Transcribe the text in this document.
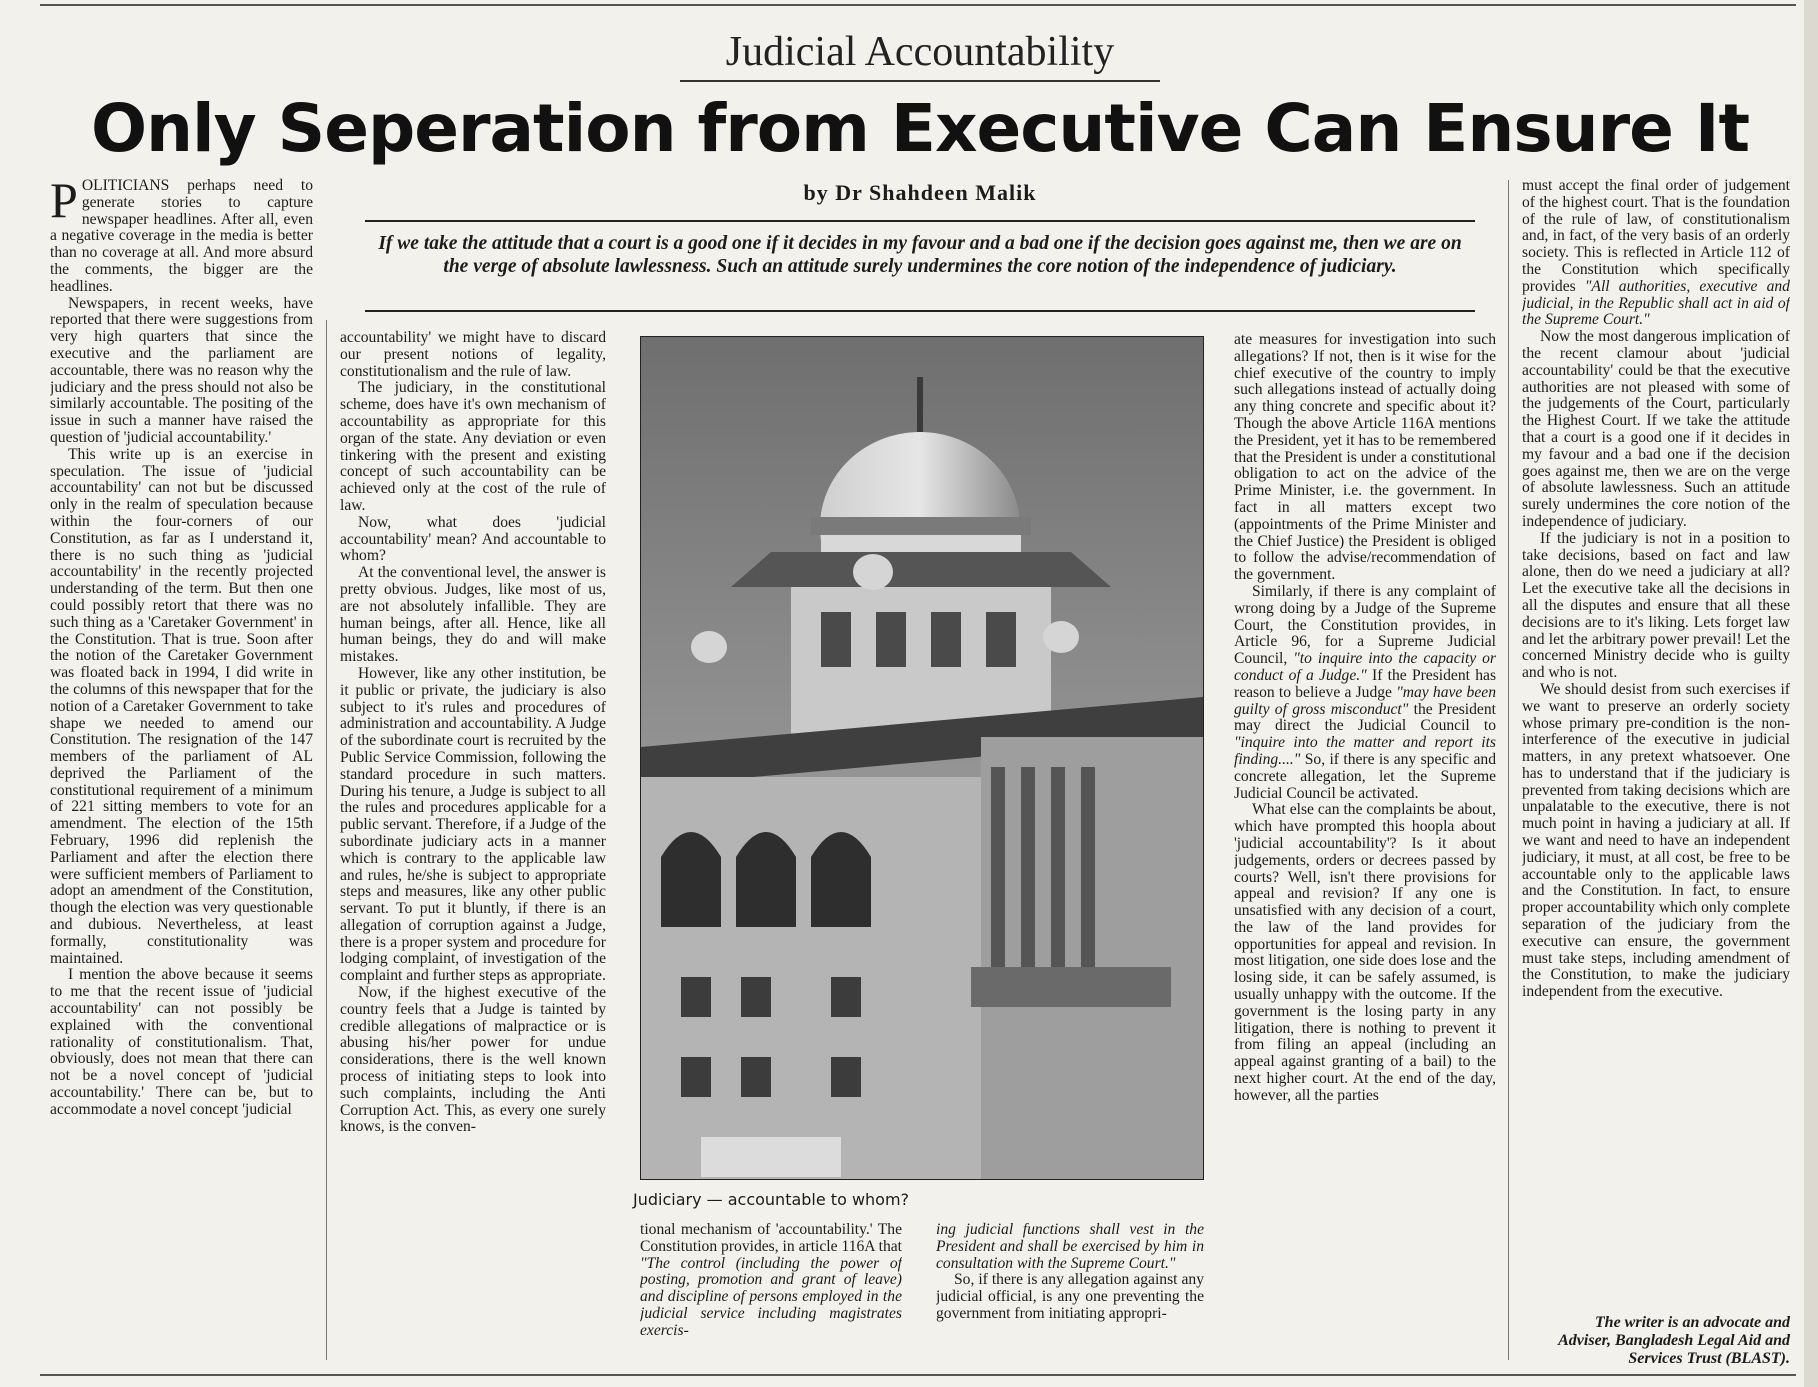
Judicial Accountability
Only Seperation from Executive Can Ensure It
by Dr Shahdeen Malik
If we take the attitude that a court is a good one if it decides in my favour and a bad one if the decision goes against me, then we are on the verge of absolute lawlessness. Such an attitude surely undermines the core notion of the independence of judiciary.

POLITICIANS perhaps need to generate stories to capture newspaper headlines. After all, even a negative coverage in the media is better than no coverage at all. And more absurd the comments, the bigger are the headlines.

Newspapers, in recent weeks, have reported that there were suggestions from very high quarters that since the executive and the parliament are accountable, there was no reason why the judiciary and the press should not also be similarly accountable. The positing of the issue in such a manner have raised the question of 'judicial accountability.'

This write up is an exercise in speculation. The issue of 'judicial accountability' can not but be discussed only in the realm of speculation because within the four-corners of our Constitution, as far as I understand it, there is no such thing as 'judicial accountability' in the recently projected understanding of the term. But then one could possibly retort that there was no such thing as a 'Caretaker Government' in the Constitution. That is true. Soon after the notion of the Caretaker Government was floated back in 1994, I did write in the columns of this newspaper that for the notion of a Caretaker Government to take shape we needed to amend our Constitution. The resignation of the 147 members of the parliament of AL deprived the Parliament of the constitutional requirement of a minimum of 221 sitting members to vote for an amendment. The election of the 15th February, 1996 did replenish the Parliament and after the election there were sufficient members of Parliament to adopt an amendment of the Constitution, though the election was very questionable and dubious. Nevertheless, at least formally, constitutionality was maintained.

I mention the above because it seems to me that the recent issue of 'judicial accountability' can not possibly be explained with the conventional rationality of constitutionalism. That, obviously, does not mean that there can not be a novel concept of 'judicial accountability.' There can be, but to accommodate a novel concept 'judicial

accountability' we might have to discard our present notions of legality, constitutionalism and the rule of law.

The judiciary, in the constitutional scheme, does have it's own mechanism of accountability as appropriate for this organ of the state. Any deviation or even tinkering with the present and existing concept of such accountability can be achieved only at the cost of the rule of law.

Now, what does 'judicial accountability' mean? And accountable to whom?

At the conventional level, the answer is pretty obvious. Judges, like most of us, are not absolutely infallible. They are human beings, after all. Hence, like all human beings, they do and will make mistakes.

However, like any other institution, be it public or private, the judiciary is also subject to it's rules and procedures of administration and accountability. A Judge of the subordinate court is recruited by the Public Service Commission, following the standard procedure in such matters. During his tenure, a Judge is subject to all the rules and procedures applicable for a public servant. Therefore, if a Judge of the subordinate judiciary acts in a manner which is contrary to the applicable law and rules, he/she is subject to appropriate steps and measures, like any other public servant. To put it bluntly, if there is an allegation of corruption against a Judge, there is a proper system and procedure for lodging complaint, of investigation of the complaint and further steps as appropriate.

Now, if the highest executive of the country feels that a Judge is tainted by credible allegations of malpractice or is abusing his/her power for undue considerations, there is the well known process of initiating steps to look into such complaints, including the Anti Corruption Act. This, as every one surely knows, is the conven-

Judiciary — accountable to whom?

tional mechanism of 'accountability.' The Constitution provides, in article 116A that "The control (including the power of posting, promotion and grant of leave) and discipline of persons employed in the judicial service including magistrates exercis-

ing judicial functions shall vest in the President and shall be exercised by him in consultation with the Supreme Court."

So, if there is any allegation against any judicial official, is any one preventing the government from initiating appropri-

ate measures for investigation into such allegations? If not, then is it wise for the chief executive of the country to imply such allegations instead of actually doing any thing concrete and specific about it? Though the above Article 116A mentions the President, yet it has to be remembered that the President is under a constitutional obligation to act on the advice of the Prime Minister, i.e. the government. In fact in all matters except two (appointments of the Prime Minister and the Chief Justice) the President is obliged to follow the advise/recommendation of the government.

Similarly, if there is any complaint of wrong doing by a Judge of the Supreme Court, the Constitution provides, in Article 96, for a Supreme Judicial Council, "to inquire into the capacity or conduct of a Judge." If the President has reason to believe a Judge "may have been guilty of gross misconduct" the President may direct the Judicial Council to "inquire into the matter and report its finding...." So, if there is any specific and concrete allegation, let the Supreme Judicial Council be activated.

What else can the complaints be about, which have prompted this hoopla about 'judicial accountability'? Is it about judgements, orders or decrees passed by courts? Well, isn't there provisions for appeal and revision? If any one is unsatisfied with any decision of a court, the law of the land provides for opportunities for appeal and revision. In most litigation, one side does lose and the losing side, it can be safely assumed, is usually unhappy with the outcome. If the government is the losing party in any litigation, there is nothing to prevent it from filing an appeal (including an appeal against granting of a bail) to the next higher court. At the end of the day, however, all the parties

must accept the final order of judgement of the highest court. That is the foundation of the rule of law, of constitutionalism and, in fact, of the very basis of an orderly society. This is reflected in Article 112 of the Constitution which specifically provides "All authorities, executive and judicial, in the Republic shall act in aid of the Supreme Court."

Now the most dangerous implication of the recent clamour about 'judicial accountability' could be that the executive authorities are not pleased with some of the judgements of the Court, particularly the Highest Court. If we take the attitude that a court is a good one if it decides in my favour and a bad one if the decision goes against me, then we are on the verge of absolute lawlessness. Such an attitude surely undermines the core notion of the independence of judiciary.

If the judiciary is not in a position to take decisions, based on fact and law alone, then do we need a judiciary at all? Let the executive take all the decisions in all the disputes and ensure that all these decisions are to it's liking. Lets forget law and let the arbitrary power prevail! Let the concerned Ministry decide who is guilty and who is not.

We should desist from such exercises if we want to preserve an orderly society whose primary pre-condition is the non-interference of the executive in judicial matters, in any pretext whatsoever. One has to understand that if the judiciary is prevented from taking decisions which are unpalatable to the executive, there is not much point in having a judiciary at all. If we want and need to have an independent judiciary, it must, at all cost, be free to be accountable only to the applicable laws and the Constitution. In fact, to ensure proper accountability which only complete separation of the judiciary from the executive can ensure, the government must take steps, including amendment of the Constitution, to make the judiciary independent from the executive.

The writer is an advocate and Adviser, Bangladesh Legal Aid and Services Trust (BLAST).
